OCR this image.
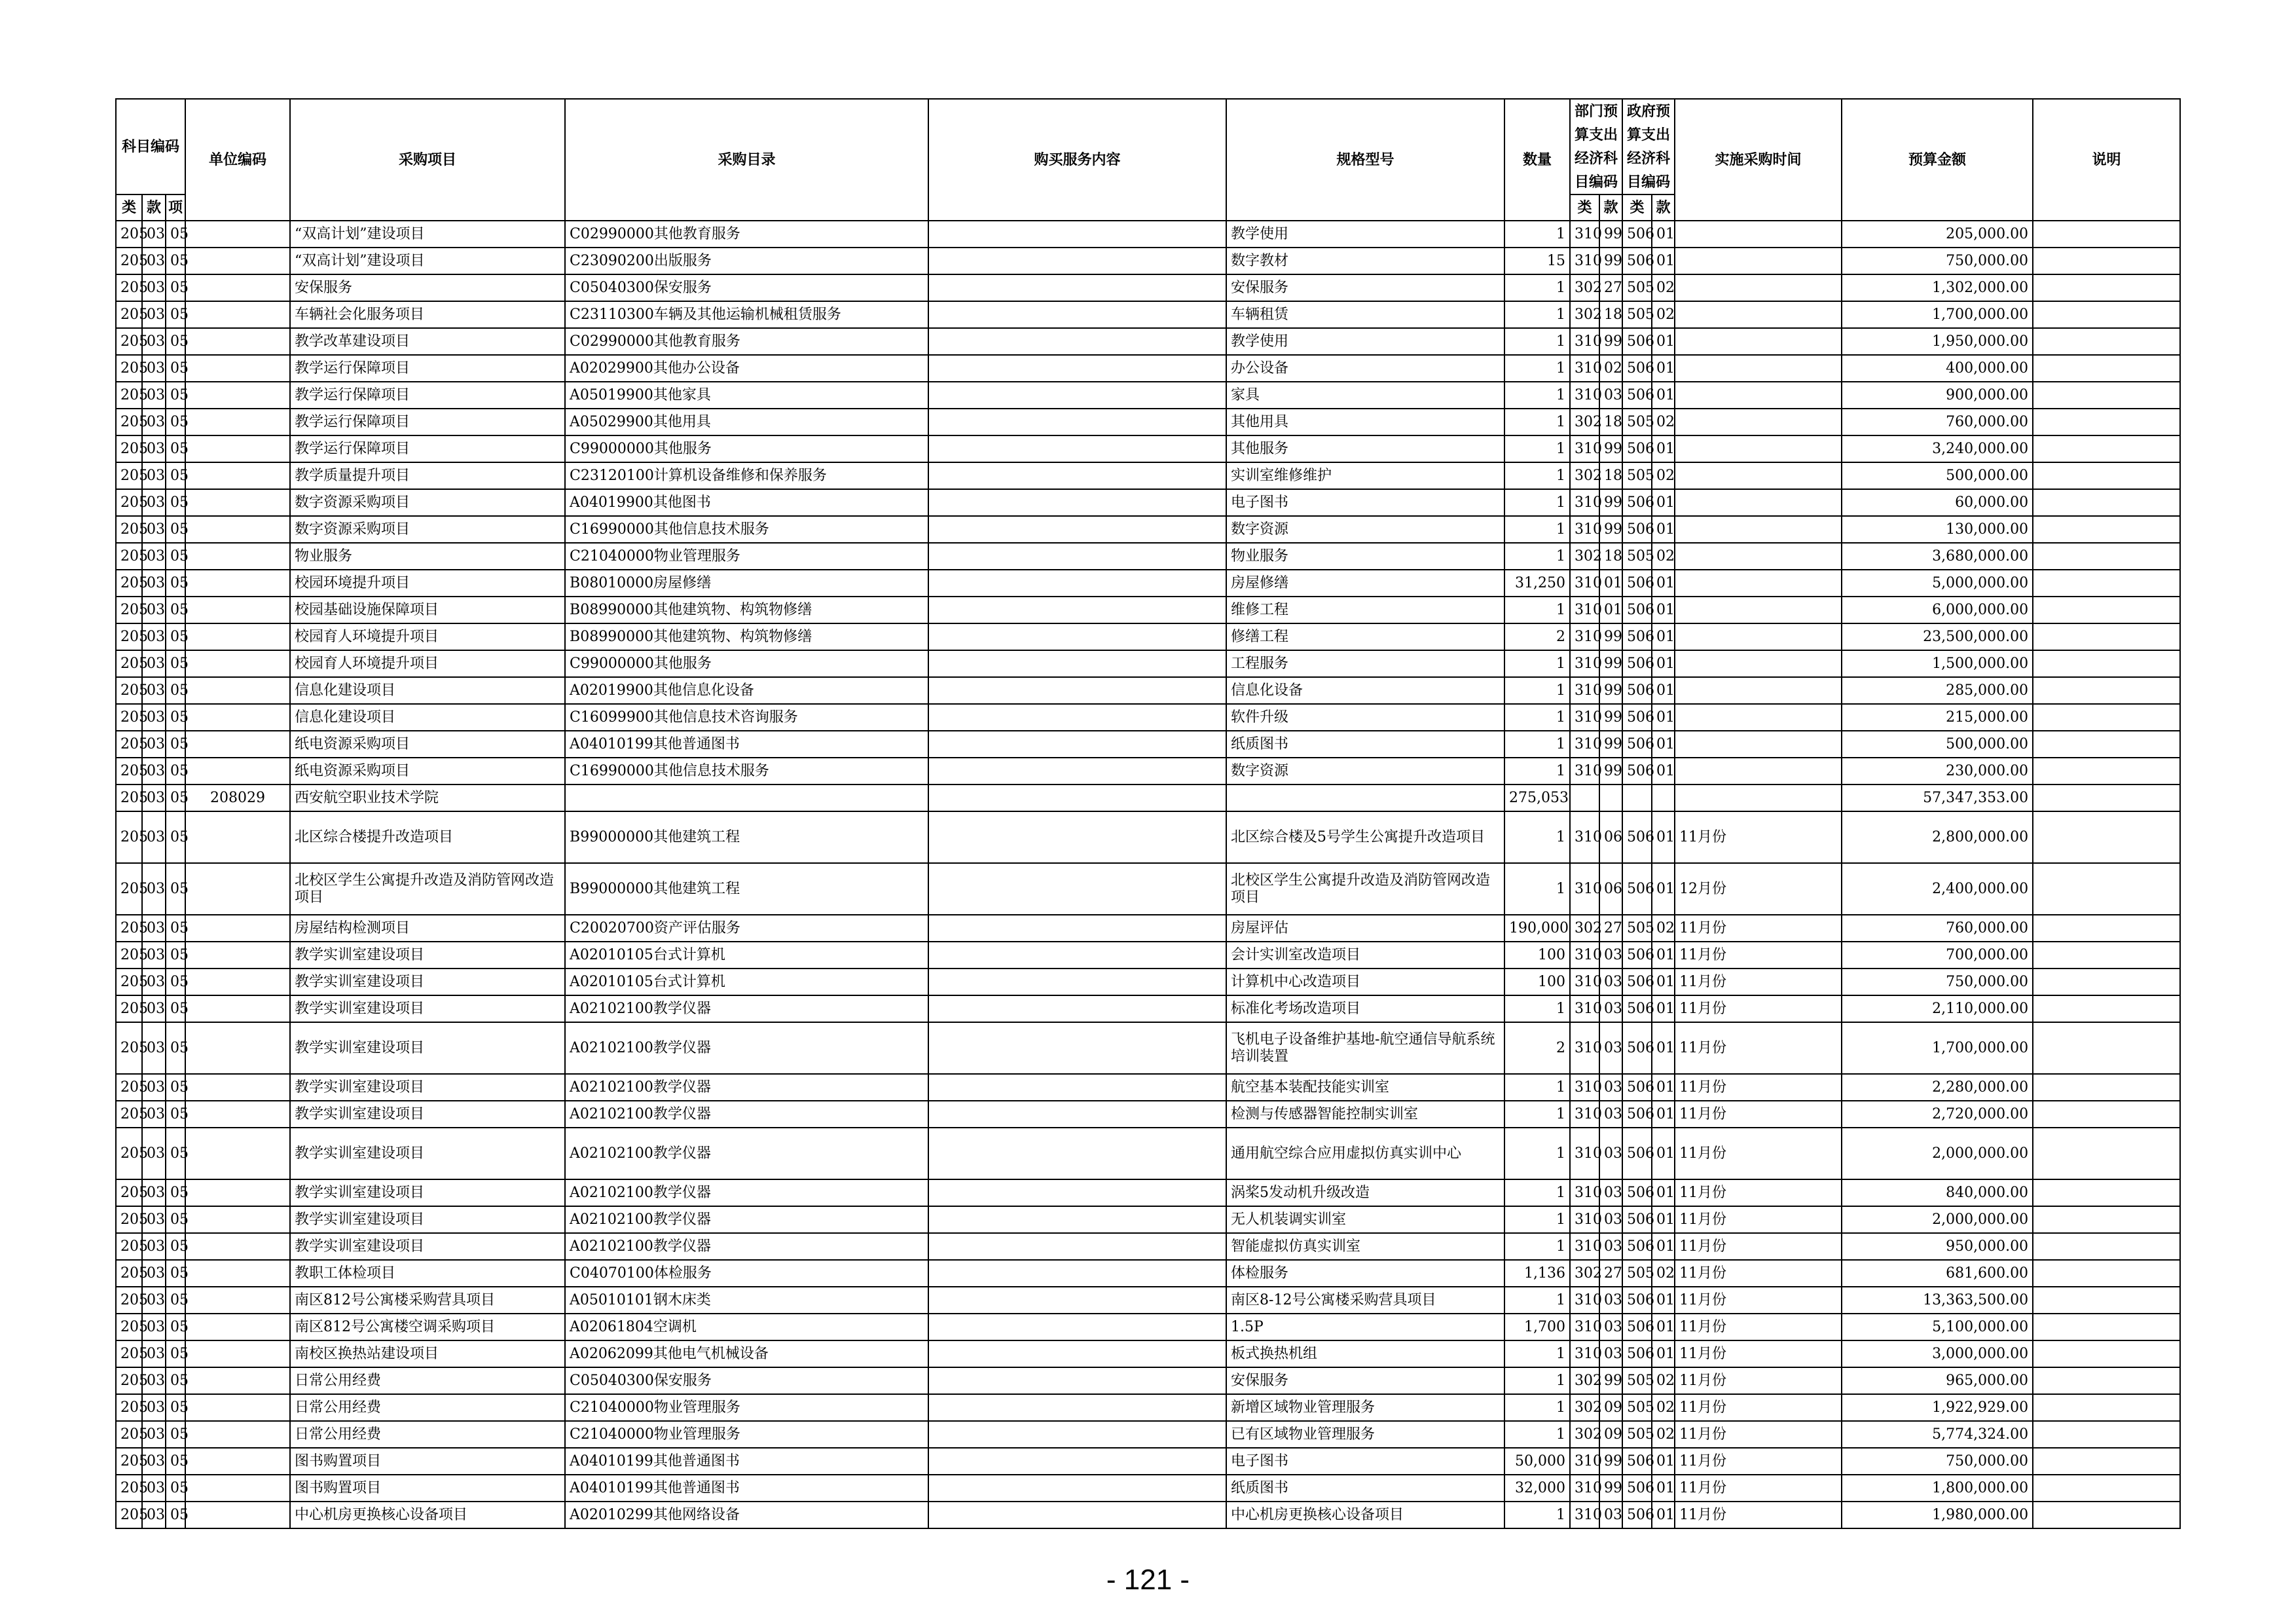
科目编码			单位编码	采购项目	采购目录	购买服务内容	规格型号	数量	部门预算支出经济科目编码		政府预算支出经济科目编码		实施采购时间	预算金额	说明
类	款	项							类	款	类	款			
205	03	05		“双高计划”建设项目	C02990000其他教育服务		教学使用	1	310	99	506	01		205,000.00	
205	03	05		“双高计划”建设项目	C23090200出版服务		数字教材	15	310	99	506	01		750,000.00	
205	03	05		安保服务	C05040300保安服务		安保服务	1	302	27	505	02		1,302,000.00	
205	03	05		车辆社会化服务项目	C23110300车辆及其他运输机械租赁服务		车辆租赁	1	302	18	505	02		1,700,000.00	
205	03	05		教学改革建设项目	C02990000其他教育服务		教学使用	1	310	99	506	01		1,950,000.00	
205	03	05		教学运行保障项目	A02029900其他办公设备		办公设备	1	310	02	506	01		400,000.00	
205	03	05		教学运行保障项目	A05019900其他家具		家具	1	310	03	506	01		900,000.00	
205	03	05		教学运行保障项目	A05029900其他用具		其他用具	1	302	18	505	02		760,000.00	
205	03	05		教学运行保障项目	C99000000其他服务		其他服务	1	310	99	506	01		3,240,000.00	
205	03	05		教学质量提升项目	C23120100计算机设备维修和保养服务		实训室维修维护	1	302	18	505	02		500,000.00	
205	03	05		数字资源采购项目	A04019900其他图书		电子图书	1	310	99	506	01		60,000.00	
205	03	05		数字资源采购项目	C16990000其他信息技术服务		数字资源	1	310	99	506	01		130,000.00	
205	03	05		物业服务	C21040000物业管理服务		物业服务	1	302	18	505	02		3,680,000.00	
205	03	05		校园环境提升项目	B08010000房屋修缮		房屋修缮	31,250	310	01	506	01		5,000,000.00	
205	03	05		校园基础设施保障项目	B08990000其他建筑物、构筑物修缮		维修工程	1	310	01	506	01		6,000,000.00	
205	03	05		校园育人环境提升项目	B08990000其他建筑物、构筑物修缮		修缮工程	2	310	99	506	01		23,500,000.00	
205	03	05		校园育人环境提升项目	C99000000其他服务		工程服务	1	310	99	506	01		1,500,000.00	
205	03	05		信息化建设项目	A02019900其他信息化设备		信息化设备	1	310	99	506	01		285,000.00	
205	03	05		信息化建设项目	C16099900其他信息技术咨询服务		软件升级	1	310	99	506	01		215,000.00	
205	03	05		纸电资源采购项目	A04010199其他普通图书		纸质图书	1	310	99	506	01		500,000.00	
205	03	05		纸电资源采购项目	C16990000其他信息技术服务		数字资源	1	310	99	506	01		230,000.00	
205	03	05	208029	西安航空职业技术学院				275,053						57,347,353.00	
205	03	05		北区综合楼提升改造项目	B99000000其他建筑工程		北区综合楼及5号学生公寓提升改造项目	1	310	06	506	01	11月份	2,800,000.00	
205	03	05		北校区学生公寓提升改造及消防管网改造项目	B99000000其他建筑工程		北校区学生公寓提升改造及消防管网改造项目	1	310	06	506	01	12月份	2,400,000.00	
205	03	05		房屋结构检测项目	C20020700资产评估服务		房屋评估	190,000	302	27	505	02	11月份	760,000.00	
205	03	05		教学实训室建设项目	A02010105台式计算机		会计实训室改造项目	100	310	03	506	01	11月份	700,000.00	
205	03	05		教学实训室建设项目	A02010105台式计算机		计算机中心改造项目	100	310	03	506	01	11月份	750,000.00	
205	03	05		教学实训室建设项目	A02102100教学仪器		标准化考场改造项目	1	310	03	506	01	11月份	2,110,000.00	
205	03	05		教学实训室建设项目	A02102100教学仪器		飞机电子设备维护基地-航空通信导航系统培训装置	2	310	03	506	01	11月份	1,700,000.00	
205	03	05		教学实训室建设项目	A02102100教学仪器		航空基本装配技能实训室	1	310	03	506	01	11月份	2,280,000.00	
205	03	05		教学实训室建设项目	A02102100教学仪器		检测与传感器智能控制实训室	1	310	03	506	01	11月份	2,720,000.00	
205	03	05		教学实训室建设项目	A02102100教学仪器		通用航空综合应用虚拟仿真实训中心	1	310	03	506	01	11月份	2,000,000.00	
205	03	05		教学实训室建设项目	A02102100教学仪器		涡桨5发动机升级改造	1	310	03	506	01	11月份	840,000.00	
205	03	05		教学实训室建设项目	A02102100教学仪器		无人机装调实训室	1	310	03	506	01	11月份	2,000,000.00	
205	03	05		教学实训室建设项目	A02102100教学仪器		智能虚拟仿真实训室	1	310	03	506	01	11月份	950,000.00	
205	03	05		教职工体检项目	C04070100体检服务		体检服务	1,136	302	27	505	02	11月份	681,600.00	
205	03	05		南区812号公寓楼采购营具项目	A05010101钢木床类		南区8-12号公寓楼采购营具项目	1	310	03	506	01	11月份	13,363,500.00	
205	03	05		南区812号公寓楼空调采购项目	A02061804空调机		1.5P	1,700	310	03	506	01	11月份	5,100,000.00	
205	03	05		南校区换热站建设项目	A02062099其他电气机械设备		板式换热机组	1	310	03	506	01	11月份	3,000,000.00	
205	03	05		日常公用经费	C05040300保安服务		安保服务	1	302	99	505	02	11月份	965,000.00	
205	03	05		日常公用经费	C21040000物业管理服务		新增区域物业管理服务	1	302	09	505	02	11月份	1,922,929.00	
205	03	05		日常公用经费	C21040000物业管理服务		已有区域物业管理服务	1	302	09	505	02	11月份	5,774,324.00	
205	03	05		图书购置项目	A04010199其他普通图书		电子图书	50,000	310	99	506	01	11月份	750,000.00	
205	03	05		图书购置项目	A04010199其他普通图书		纸质图书	32,000	310	99	506	01	11月份	1,800,000.00	
205	03	05		中心机房更换核心设备项目	A02010299其他网络设备		中心机房更换核心设备项目	1	310	03	506	01	11月份	1,980,000.00	
- 121 -
